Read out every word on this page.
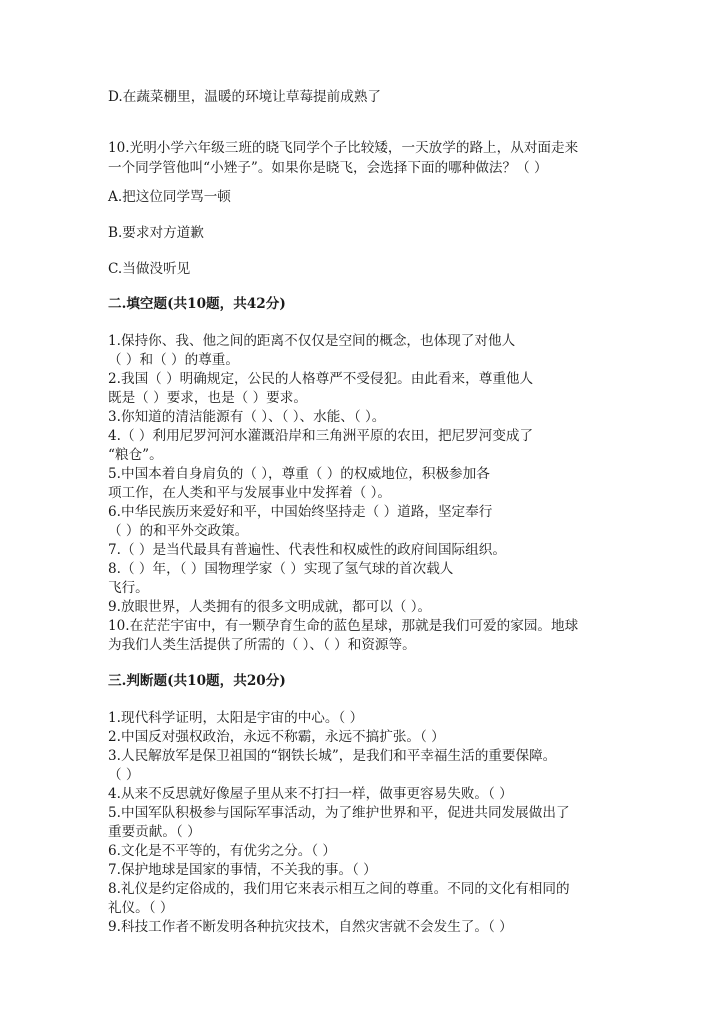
D.在蔬菜棚里，温暖的环境让草莓提前成熟了
10.光明小学六年级三班的晓飞同学个子比较矮，一天放学的路上，从对面走来
一个同学管他叫“小矬子”。如果你是晓飞，会选择下面的哪种做法？（ ）
A.把这位同学骂一顿
B.要求对方道歉
C.当做没听见
二.填空题(共10题，共42分)
1.保持你、我、他之间的距离不仅仅是空间的概念，也体现了对他人
（ ）和（ ）的尊重。
2.我国（ ）明确规定，公民的人格尊严不受侵犯。由此看来，尊重他人
既是（ ）要求，也是（ ）要求。
3.你知道的清洁能源有（ ）、（ ）、水能、（ ）。
4.（ ）利用尼罗河河水灌溉沿岸和三角洲平原的农田，把尼罗河变成了
“粮仓”。
5.中国本着自身肩负的（ ），尊重（ ）的权威地位，积极参加各
项工作，在人类和平与发展事业中发挥着（ ）。
6.中华民族历来爱好和平，中国始终坚持走（ ）道路，坚定奉行
（ ）的和平外交政策。
7.（ ）是当代最具有普遍性、代表性和权威性的政府间国际组织。
8.（ ）年，（ ）国物理学家（ ）实现了氢气球的首次载人
飞行。
9.放眼世界，人类拥有的很多文明成就，都可以（ ）。
10.在茫茫宇宙中，有一颗孕育生命的蓝色星球，那就是我们可爱的家园。地球
为我们人类生活提供了所需的（ ）、（ ）和资源等。
三.判断题(共10题，共20分)
1.现代科学证明，太阳是宇宙的中心。（ ）
2.中国反对强权政治，永远不称霸，永远不搞扩张。（ ）
3.人民解放军是保卫祖国的“钢铁长城”，是我们和平幸福生活的重要保障。
（ ）
4.从来不反思就好像屋子里从来不打扫一样，做事更容易失败。（ ）
5.中国军队积极参与国际军事活动，为了维护世界和平，促进共同发展做出了
重要贡献。（ ）
6.文化是不平等的，有优劣之分。（ ）
7.保护地球是国家的事情，不关我的事。（ ）
8.礼仪是约定俗成的，我们用它来表示相互之间的尊重。不同的文化有相同的
礼仪。（ ）
9.科技工作者不断发明各种抗灾技术，自然灾害就不会发生了。（ ）
